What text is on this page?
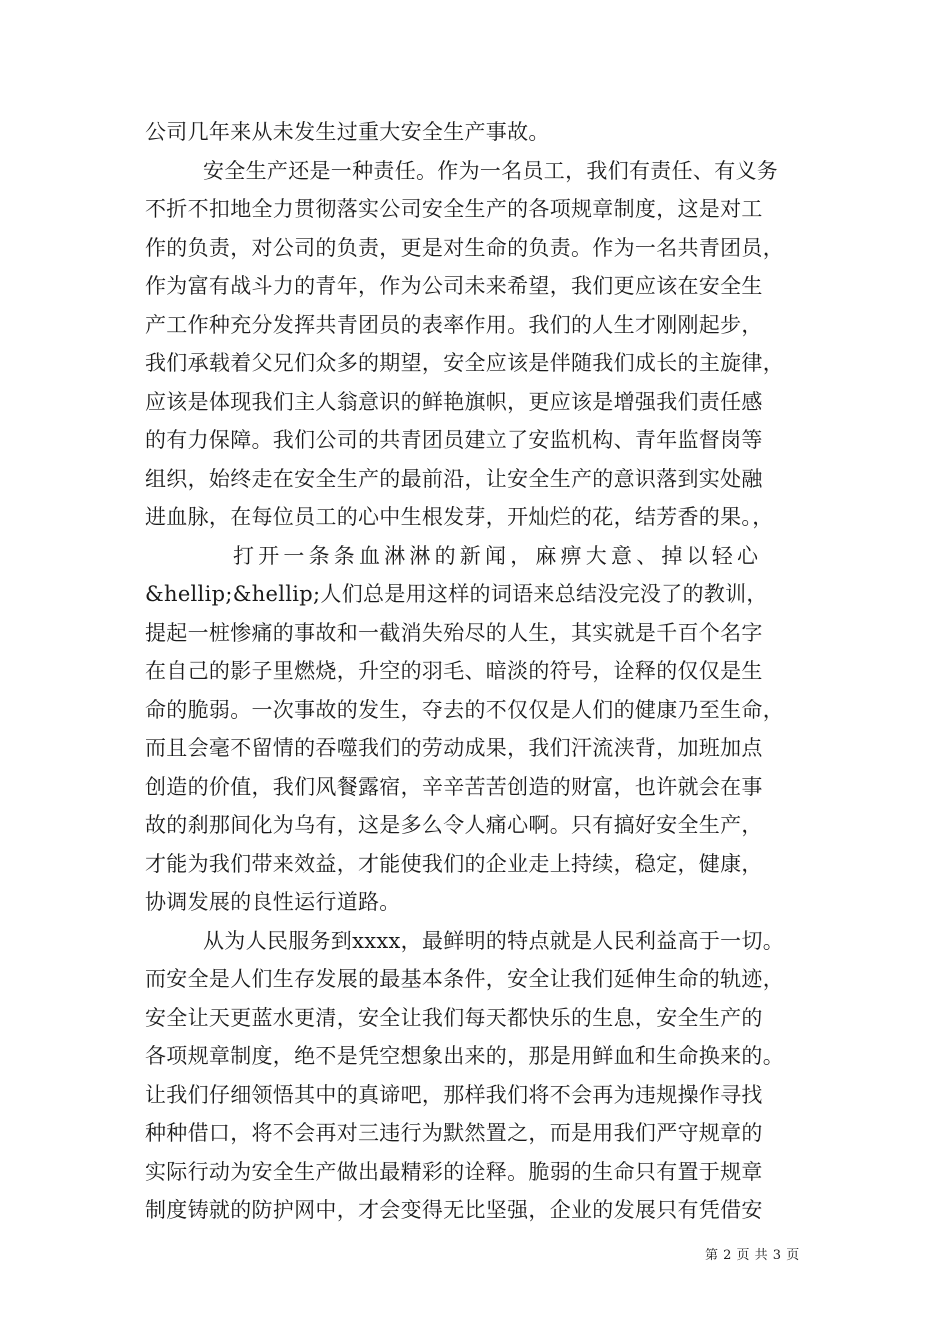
公司几年来从未发生过重大安全生产事故。
安全生产还是一种责任。作为一名员工，我们有责任、有义务
不折不扣地全力贯彻落实公司安全生产的各项规章制度，这是对工
作的负责，对公司的负责，更是对生命的负责。作为一名共青团员，
作为富有战斗力的青年，作为公司未来希望，我们更应该在安全生
产工作种充分发挥共青团员的表率作用。我们的人生才刚刚起步，
我们承载着父兄们众多的期望，安全应该是伴随我们成长的主旋律，
应该是体现我们主人翁意识的鲜艳旗帜，更应该是增强我们责任感
的有力保障。我们公司的共青团员建立了安监机构、青年监督岗等
组织，始终走在安全生产的最前沿，让安全生产的意识落到实处融
进血脉，在每位员工的心中生根发芽，开灿烂的花，结芳香的果。，
打开一条条血淋淋的新闻，麻痹大意、掉以轻心
&hellip;&hellip;人们总是用这样的词语来总结没完没了的教训，
提起一桩惨痛的事故和一截消失殆尽的人生，其实就是千百个名字
在自己的影子里燃烧，升空的羽毛、暗淡的符号，诠释的仅仅是生
命的脆弱。一次事故的发生，夺去的不仅仅是人们的健康乃至生命，
而且会毫不留情的吞噬我们的劳动成果，我们汗流浃背，加班加点
创造的价值，我们风餐露宿，辛辛苦苦创造的财富，也许就会在事
故的刹那间化为乌有，这是多么令人痛心啊。只有搞好安全生产，
才能为我们带来效益，才能使我们的企业走上持续，稳定，健康，
协调发展的良性运行道路。
从为人民服务到xxxx，最鲜明的特点就是人民利益高于一切。
而安全是人们生存发展的最基本条件，安全让我们延伸生命的轨迹，
安全让天更蓝水更清，安全让我们每天都快乐的生息，安全生产的
各项规章制度，绝不是凭空想象出来的，那是用鲜血和生命换来的。
让我们仔细领悟其中的真谛吧，那样我们将不会再为违规操作寻找
种种借口，将不会再对三违行为默然置之，而是用我们严守规章的
实际行动为安全生产做出最精彩的诠释。脆弱的生命只有置于规章
制度铸就的防护网中，才会变得无比坚强，企业的发展只有凭借安
第 2 页 共 3 页
